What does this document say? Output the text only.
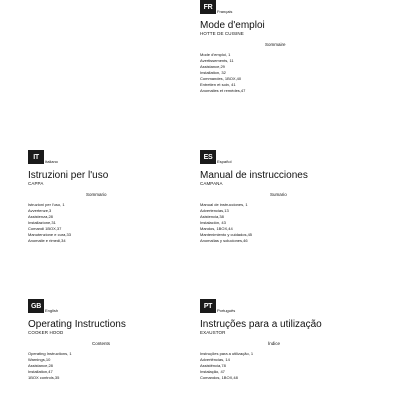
FR
Français
Mode d'emploi
HOTTE DE CUISINE
Sommaire
Mode d'emploi, 1
Avertissements, 11
Assistance,29
Installation, 32
Commandes, 1BOX,40
Entretien et soin, 41
Anomalies et remèdes,47
IT
Italiano
Istruzioni per l'uso
CAPPA
Sommario
Istruzioni per l'uso, 1
Avvertenze,3
Assistenza,28
Installazione,31
Comandi 1BOX,37
Manutenzione e cura,33
Anomalie e rimedi,34
ES
Español
Manual de instrucciones
CAMPANA
Sumario
Manual de instrucciones, 1
Advertencias,13
Asistencia,38
Instalación, 43
Mandos, 1BOX,44
Mantenimiento y cuidados,45
Anomalías y soluciones,46
GB
English
Operating Instructions
COOKER HOOD
Contents
Operating Instructions, 1
Warnings,10
Assistance,28
Installation,47
1BOX controls,35
PT
Português
Instruções para a utilização
EXAUSTOR
Índice
Instruções para a utilização, 1
Advertências, 14
Assistência,78
Instalação, 47
Comandos, 1BOX,48
